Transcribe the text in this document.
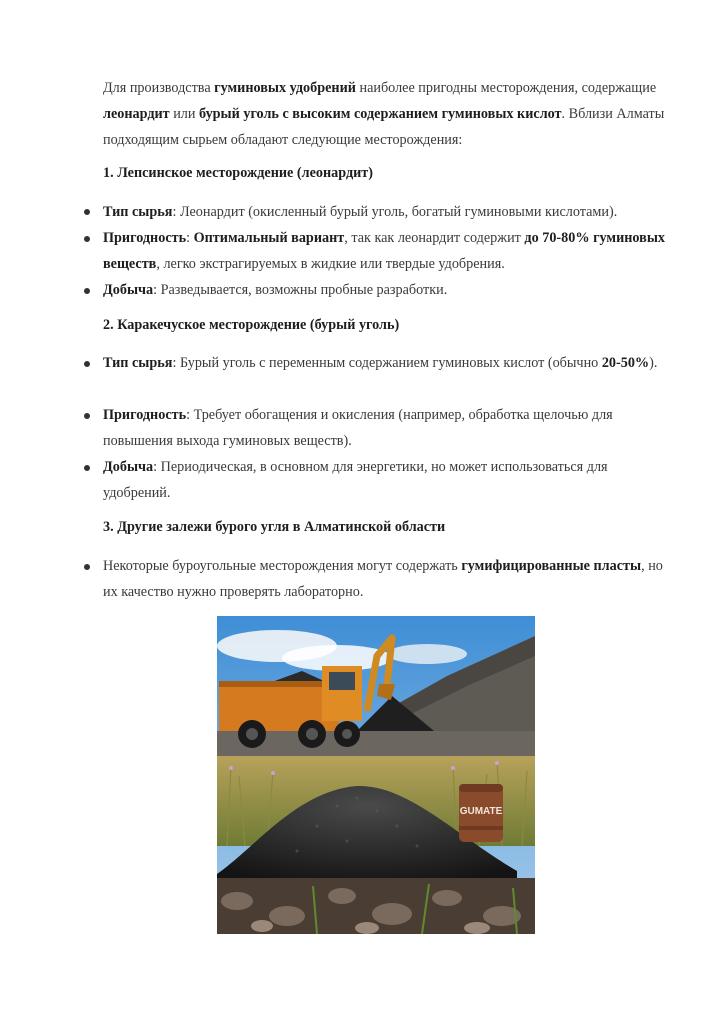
Для производства гуминовых удобрений наиболее пригодны месторождения, содержащие леонардит или бурый уголь с высоким содержанием гуминовых кислот. Вблизи Алматы подходящим сырьем обладают следующие месторождения:

1. Лепсинское месторождение (леонардит)

Тип сырья: Леонардит (окисленный бурый уголь, богатый гуминовыми кислотами).

Пригодность: Оптимальный вариант, так как леонардит содержит до 70-80% гуминовых веществ, легко экстрагируемых в жидкие или твердые удобрения.

Добыча: Разведывается, возможны пробные разработки.

2. Каракечуское месторождение (бурый уголь)

Тип сырья: Бурый уголь с переменным содержанием гуминовых кислот (обычно 20-50%).

Пригодность: Требует обогащения и окисления (например, обработка щелочью для повышения выхода гуминовых веществ).

Добыча: Периодическая, в основном для энергетики, но может использоваться для удобрений.

3. Другие залежи бурого угля в Алматинской области

Некоторые буроугольные месторождения могут содержать гумифицированные пласты, но их качество нужно проверять лабораторно.

GUMATE
